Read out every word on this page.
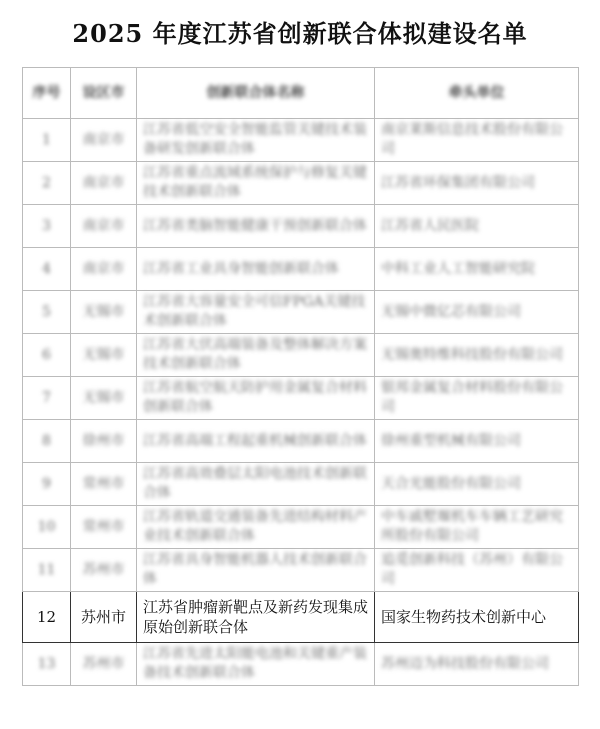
2025 年度江苏省创新联合体拟建设名单
序号	设区市	创新联合体名称	牵头单位
1	南京市	江苏省低空安全智能监管关键技术装备研发创新联合体	南京莱斯信息技术股份有限公司
2	南京市	江苏省重点流域系统保护与修复关键技术创新联合体	江苏省环保集团有限公司
3	南京市	江苏省类脑智能健康干预创新联合体	江苏省人民医院
4	南京市	江苏省工业具身智能创新联合体	中科工业人工智能研究院
5	无锡市	江苏省大容量安全可信FPGA关键技术创新联合体	无锡中微亿芯有限公司
6	无锡市	江苏省大伏高端装备及整体解决方案技术创新联合体	无锡奥特维科技股份有限公司
7	无锡市	江苏省航空航天防护用金属复合材料创新联合体	银邦金属复合材料股份有限公司
8	徐州市	江苏省高端工程起重机械创新联合体	徐州重型机械有限公司
9	常州市	江苏省高效叠层太阳电池技术创新联合体	天合光能股份有限公司
10	常州市	江苏省轨道交通装备先进结构材料产业技术创新联合体	中车戚墅堰机车车辆工艺研究所股份有限公司
11	苏州市	江苏省具身智能机器人技术创新联合体	追觅创新科技（苏州）有限公司
12	苏州市	江苏省肿瘤新靶点及新药发现集成原始创新联合体	国家生物药技术创新中心
13	苏州市	江苏省先进太阳能电池和关键重产装备技术创新联合体	苏州迈为科技股份有限公司
